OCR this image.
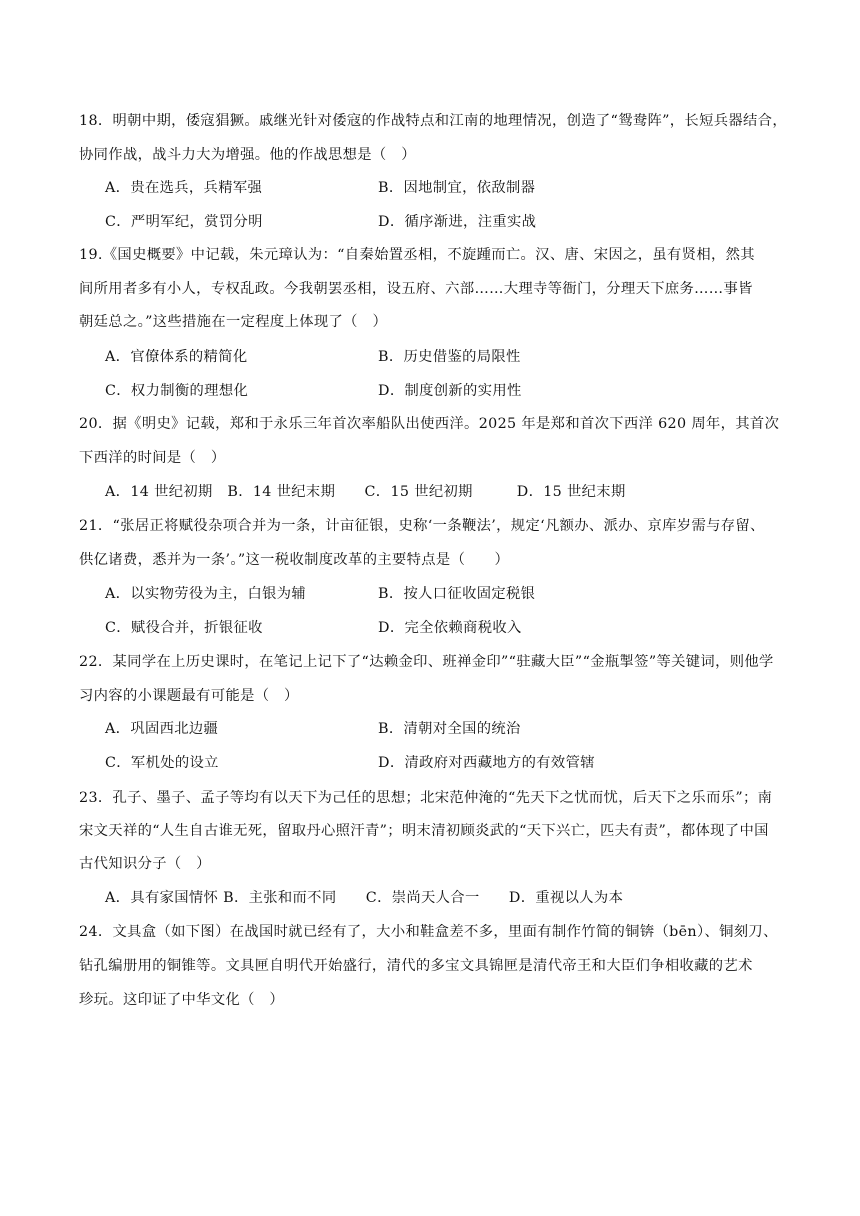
18．明朝中期，倭寇猖獗。戚继光针对倭寇的作战特点和江南的地理情况，创造了“鸳鸯阵”，长短兵器结合，
协同作战，战斗力大为增强。他的作战思想是（　）
A．贵在选兵，兵精军强	B．因地制宜，依敌制器
C．严明军纪，赏罚分明	D．循序渐进，注重实战
19.《国史概要》中记载，朱元璋认为：“自秦始置丞相，不旋踵而亡。汉、唐、宋因之，虽有贤相，然其
间所用者多有小人，专权乱政。今我朝罢丞相，设五府、六部……大理寺等衙门，分理天下庶务……事皆
朝廷总之。”这些措施在一定程度上体现了（　）
A．官僚体系的精简化	B．历史借鉴的局限性
C．权力制衡的理想化	D．制度创新的实用性
20．据《明史》记载，郑和于永乐三年首次率船队出使西洋。2025 年是郑和首次下西洋 620 周年，其首次
下西洋的时间是（　）
A．14 世纪初期　B．14 世纪末期　　C．15 世纪初期　　　D．15 世纪末期
21．“张居正将赋役杂项合并为一条，计亩征银，史称‘一条鞭法’，规定‘凡额办、派办、京库岁需与存留、
供亿诸费，悉并为一条’。”这一税收制度改革的主要特点是（　　）
A．以实物劳役为主，白银为辅	B．按人口征收固定税银
C．赋役合并，折银征收	D．完全依赖商税收入
22．某同学在上历史课时，在笔记上记下了“达赖金印、班禅金印”“驻藏大臣”“金瓶掣签”等关键词，则他学
习内容的小课题最有可能是（　）
A．巩固西北边疆	B．清朝对全国的统治
C．军机处的设立	D．清政府对西藏地方的有效管辖
23．孔子、墨子、孟子等均有以天下为己任的思想；北宋范仲淹的“先天下之忧而忧，后天下之乐而乐”；南
宋文天祥的“人生自古谁无死，留取丹心照汗青”；明末清初顾炎武的“天下兴亡，匹夫有责”，都体现了中国
古代知识分子（　）
A．具有家国情怀 B．主张和而不同　　C．崇尚天人合一　　D．重视以人为本
24．文具盒（如下图）在战国时就已经有了，大小和鞋盒差不多，里面有制作竹简的铜锛（bēn）、铜刻刀、
钻孔编册用的铜锥等。文具匣自明代开始盛行，清代的多宝文具锦匣是清代帝王和大臣们争相收藏的艺术
珍玩。这印证了中华文化（　）
